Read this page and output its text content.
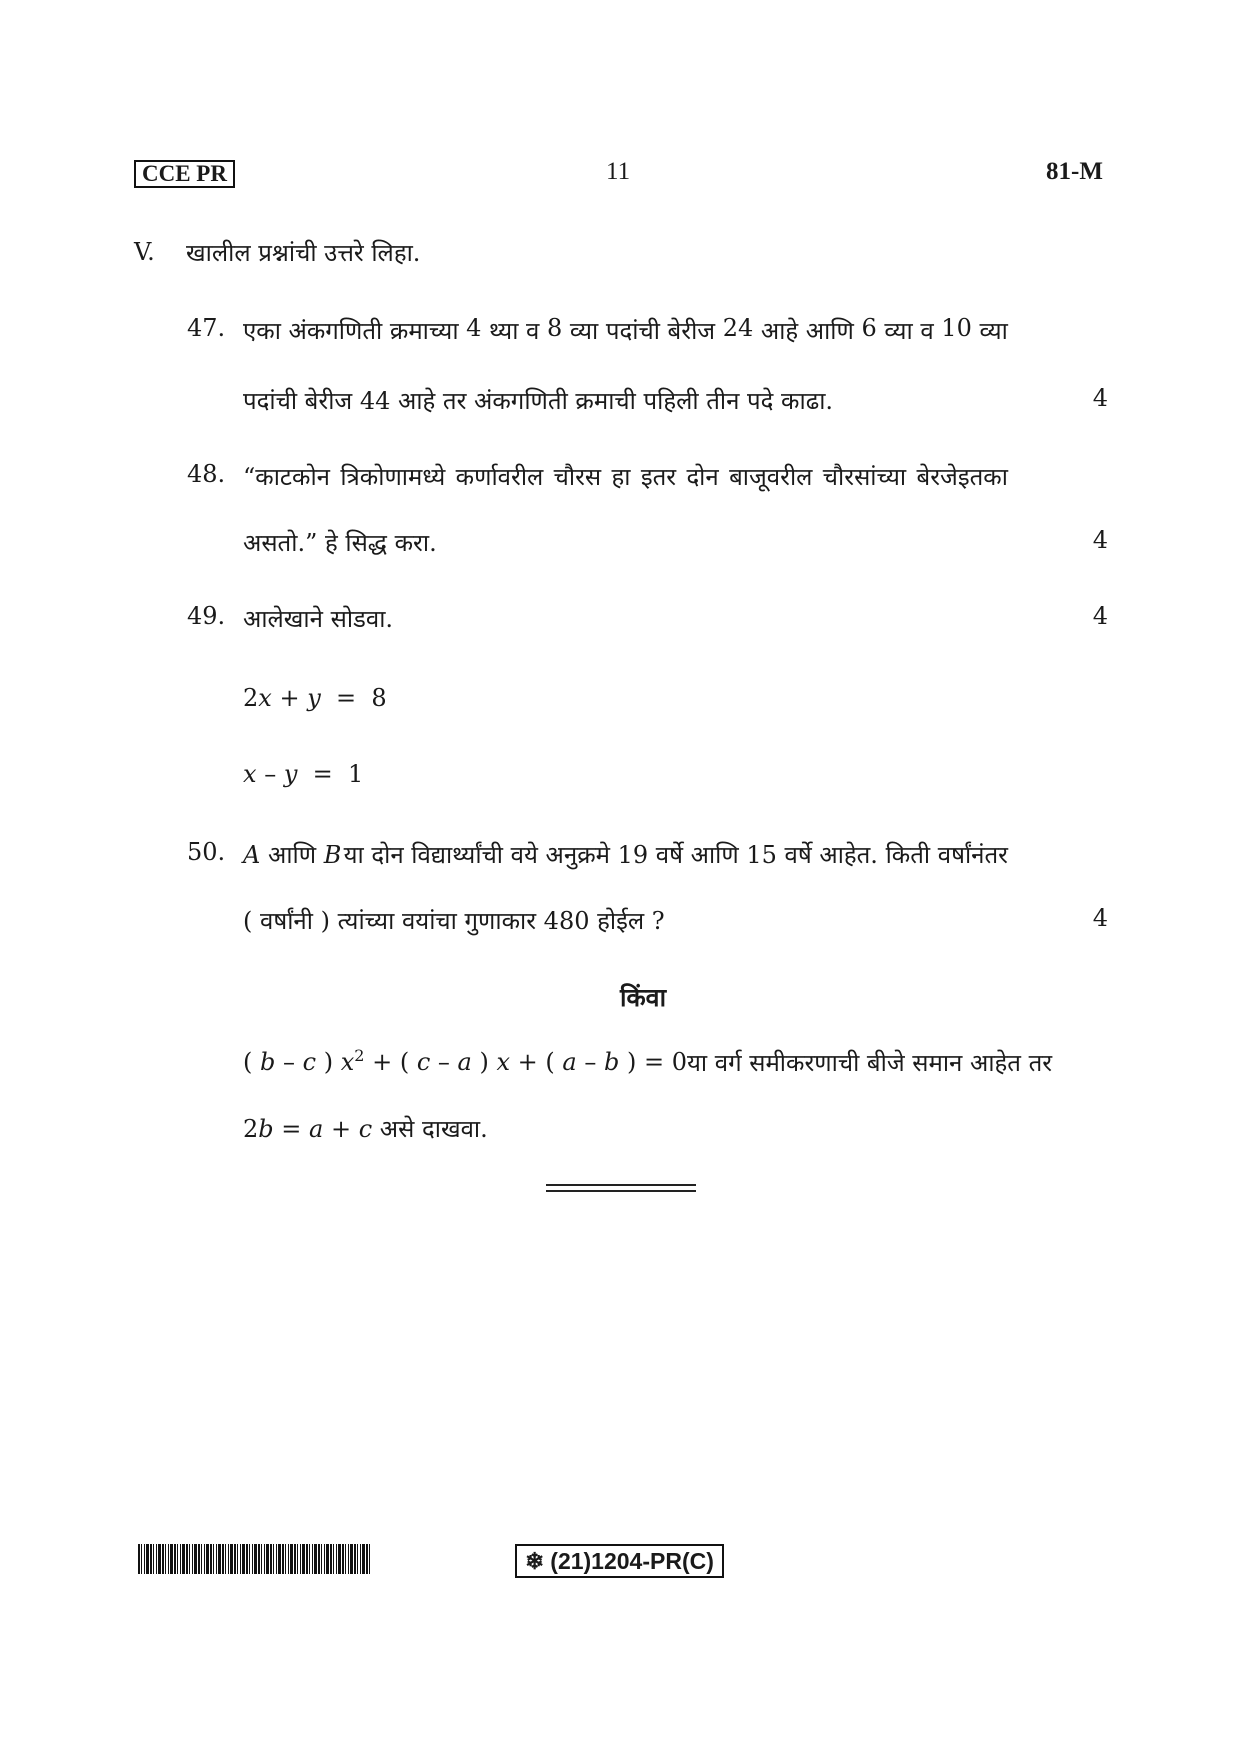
CCE PR	11	81-M
V. खालील प्रश्नांची उत्तरे लिहा.
47. एका अंकगणिती क्रमाच्या 4 थ्या व 8 व्या पदांची बेरीज 24 आहे आणि 6 व्या व 10 व्या
पदांची बेरीज 44 आहे तर अंकगणिती क्रमाची पहिली तीन पदे काढा.	4
48. “काटकोन त्रिकोणामध्ये कर्णावरील चौरस हा इतर दोन बाजूवरील चौरसांच्या बेरजेइतका
असतो.” हे सिद्ध करा.	4
49. आलेखाने सोडवा.	4
2x + y = 8
x – y = 1
50. A आणि B या दोन विद्यार्थ्यांची वये अनुक्रमे 19 वर्षे आणि 15 वर्षे आहेत. किती वर्षांनंतर
( वर्षांनी ) त्यांच्या वयांचा गुणाकार 480 होईल ?	4
किंवा
( b – c ) $x^2$ + ( c – a ) x + ( a – b ) = 0 या वर्ग समीकरणाची बीजे समान आहेत तर
2b = a + c असे दाखवा.
❄ (21)1204-PR(C)
